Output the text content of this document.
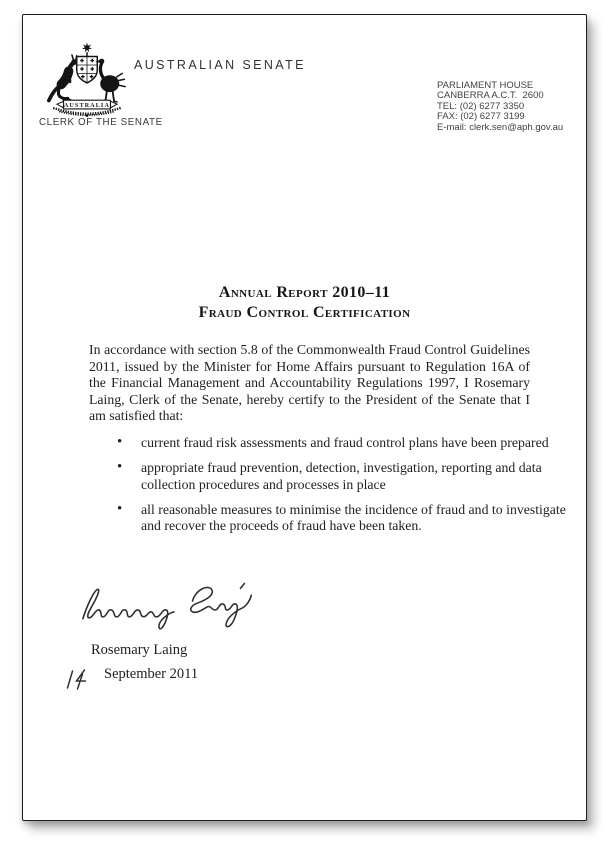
AUSTRALIA
AUSTRALIAN SENATE
PARLIAMENT HOUSE
CANBERRA A.C.T.  2600
TEL: (02) 6277 3350
FAX: (02) 6277 3199
E-mail: clerk.sen@aph.gov.au
CLERK OF THE SENATE
Annual Report 2010–11
Fraud Control Certification

In accordance with section 5.8 of the Commonwealth Fraud Control Guidelines 2011, issued by the Minister for Home Affairs pursuant to Regulation 16A of the Financial Management and Accountability Regulations 1997, I Rosemary Laing, Clerk of the Senate, hereby certify to the President of the Senate that I am satisfied that:

• current fraud risk assessments and fraud control plans have been prepared
• appropriate fraud prevention, detection, investigation, reporting and data collection procedures and processes in place
• all reasonable measures to minimise the incidence of fraud and to investigate and recover the proceeds of fraud have been taken.
Rosemary Laing
September 2011
